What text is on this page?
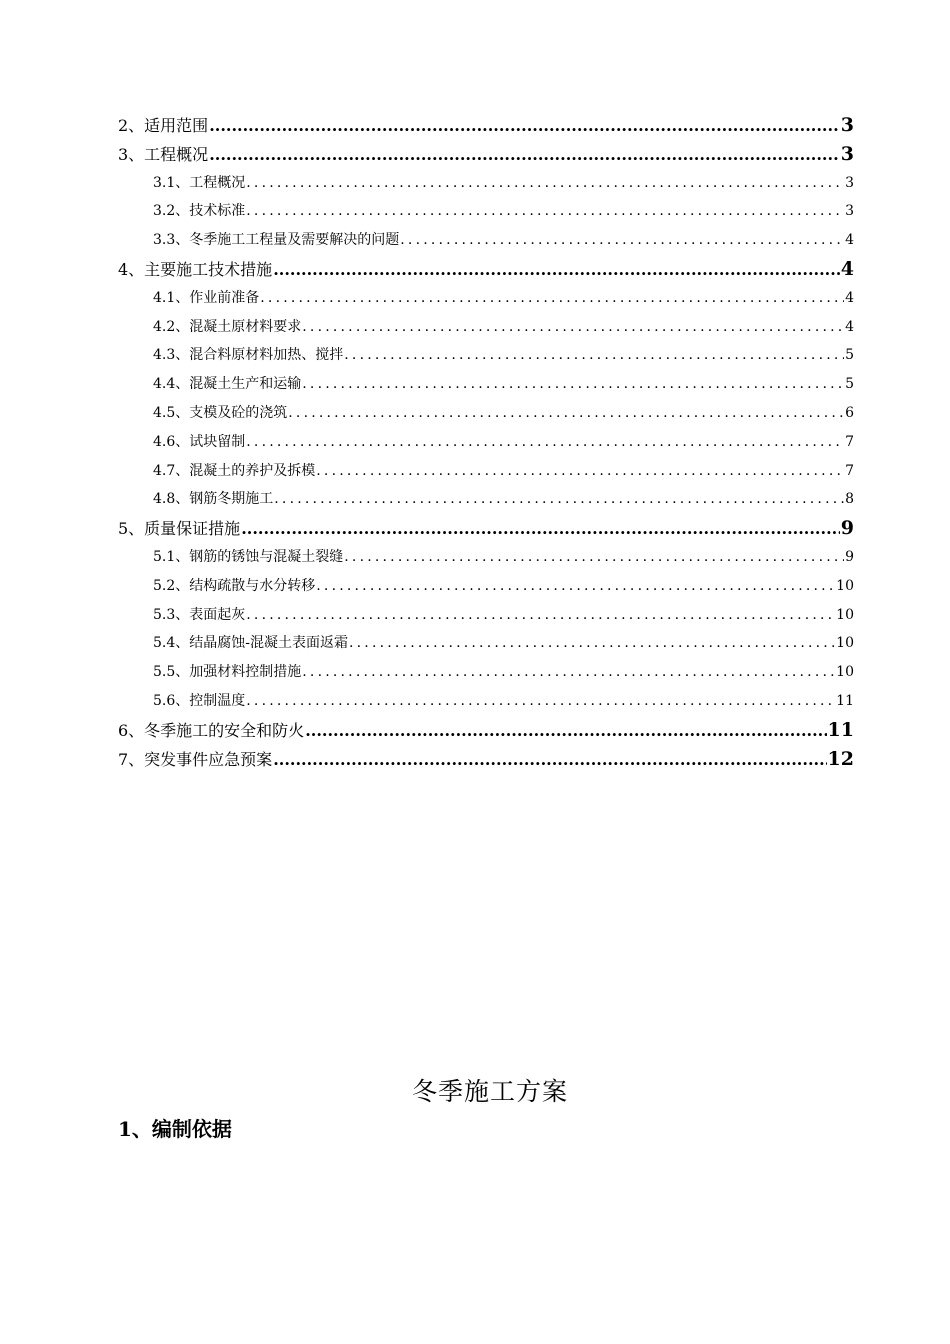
2、适用范围 .....	3
3、工程概况 .....	3
3.1、工程概况 .....	3
3.2、技术标准 .....	3
3.3、冬季施工工程量及需要解决的问题 .....	4
4、主要施工技术措施 .....	4
4.1、作业前准备 .....	4
4.2、混凝土原材料要求 .....	4
4.3、混合料原材料加热、搅拌 .....	5
4.4、混凝土生产和运输 .....	5
4.5、支模及砼的浇筑 .....	6
4.6、试块留制 .....	7
4.7、混凝土的养护及拆模 .....	7
4.8、钢筋冬期施工 .....	8
5、质量保证措施 .....	9
5.1、钢筋的锈蚀与混凝土裂缝 .....	9
5.2、结构疏散与水分转移 .....	10
5.3、表面起灰 .....	10
5.4、结晶腐蚀-混凝土表面返霜 .....	10
5.5、加强材料控制措施 .....	10
5.6、控制温度 .....	11
6、冬季施工的安全和防火 .....	11
7、突发事件应急预案 .....	12
冬季施工方案
1、编制依据
